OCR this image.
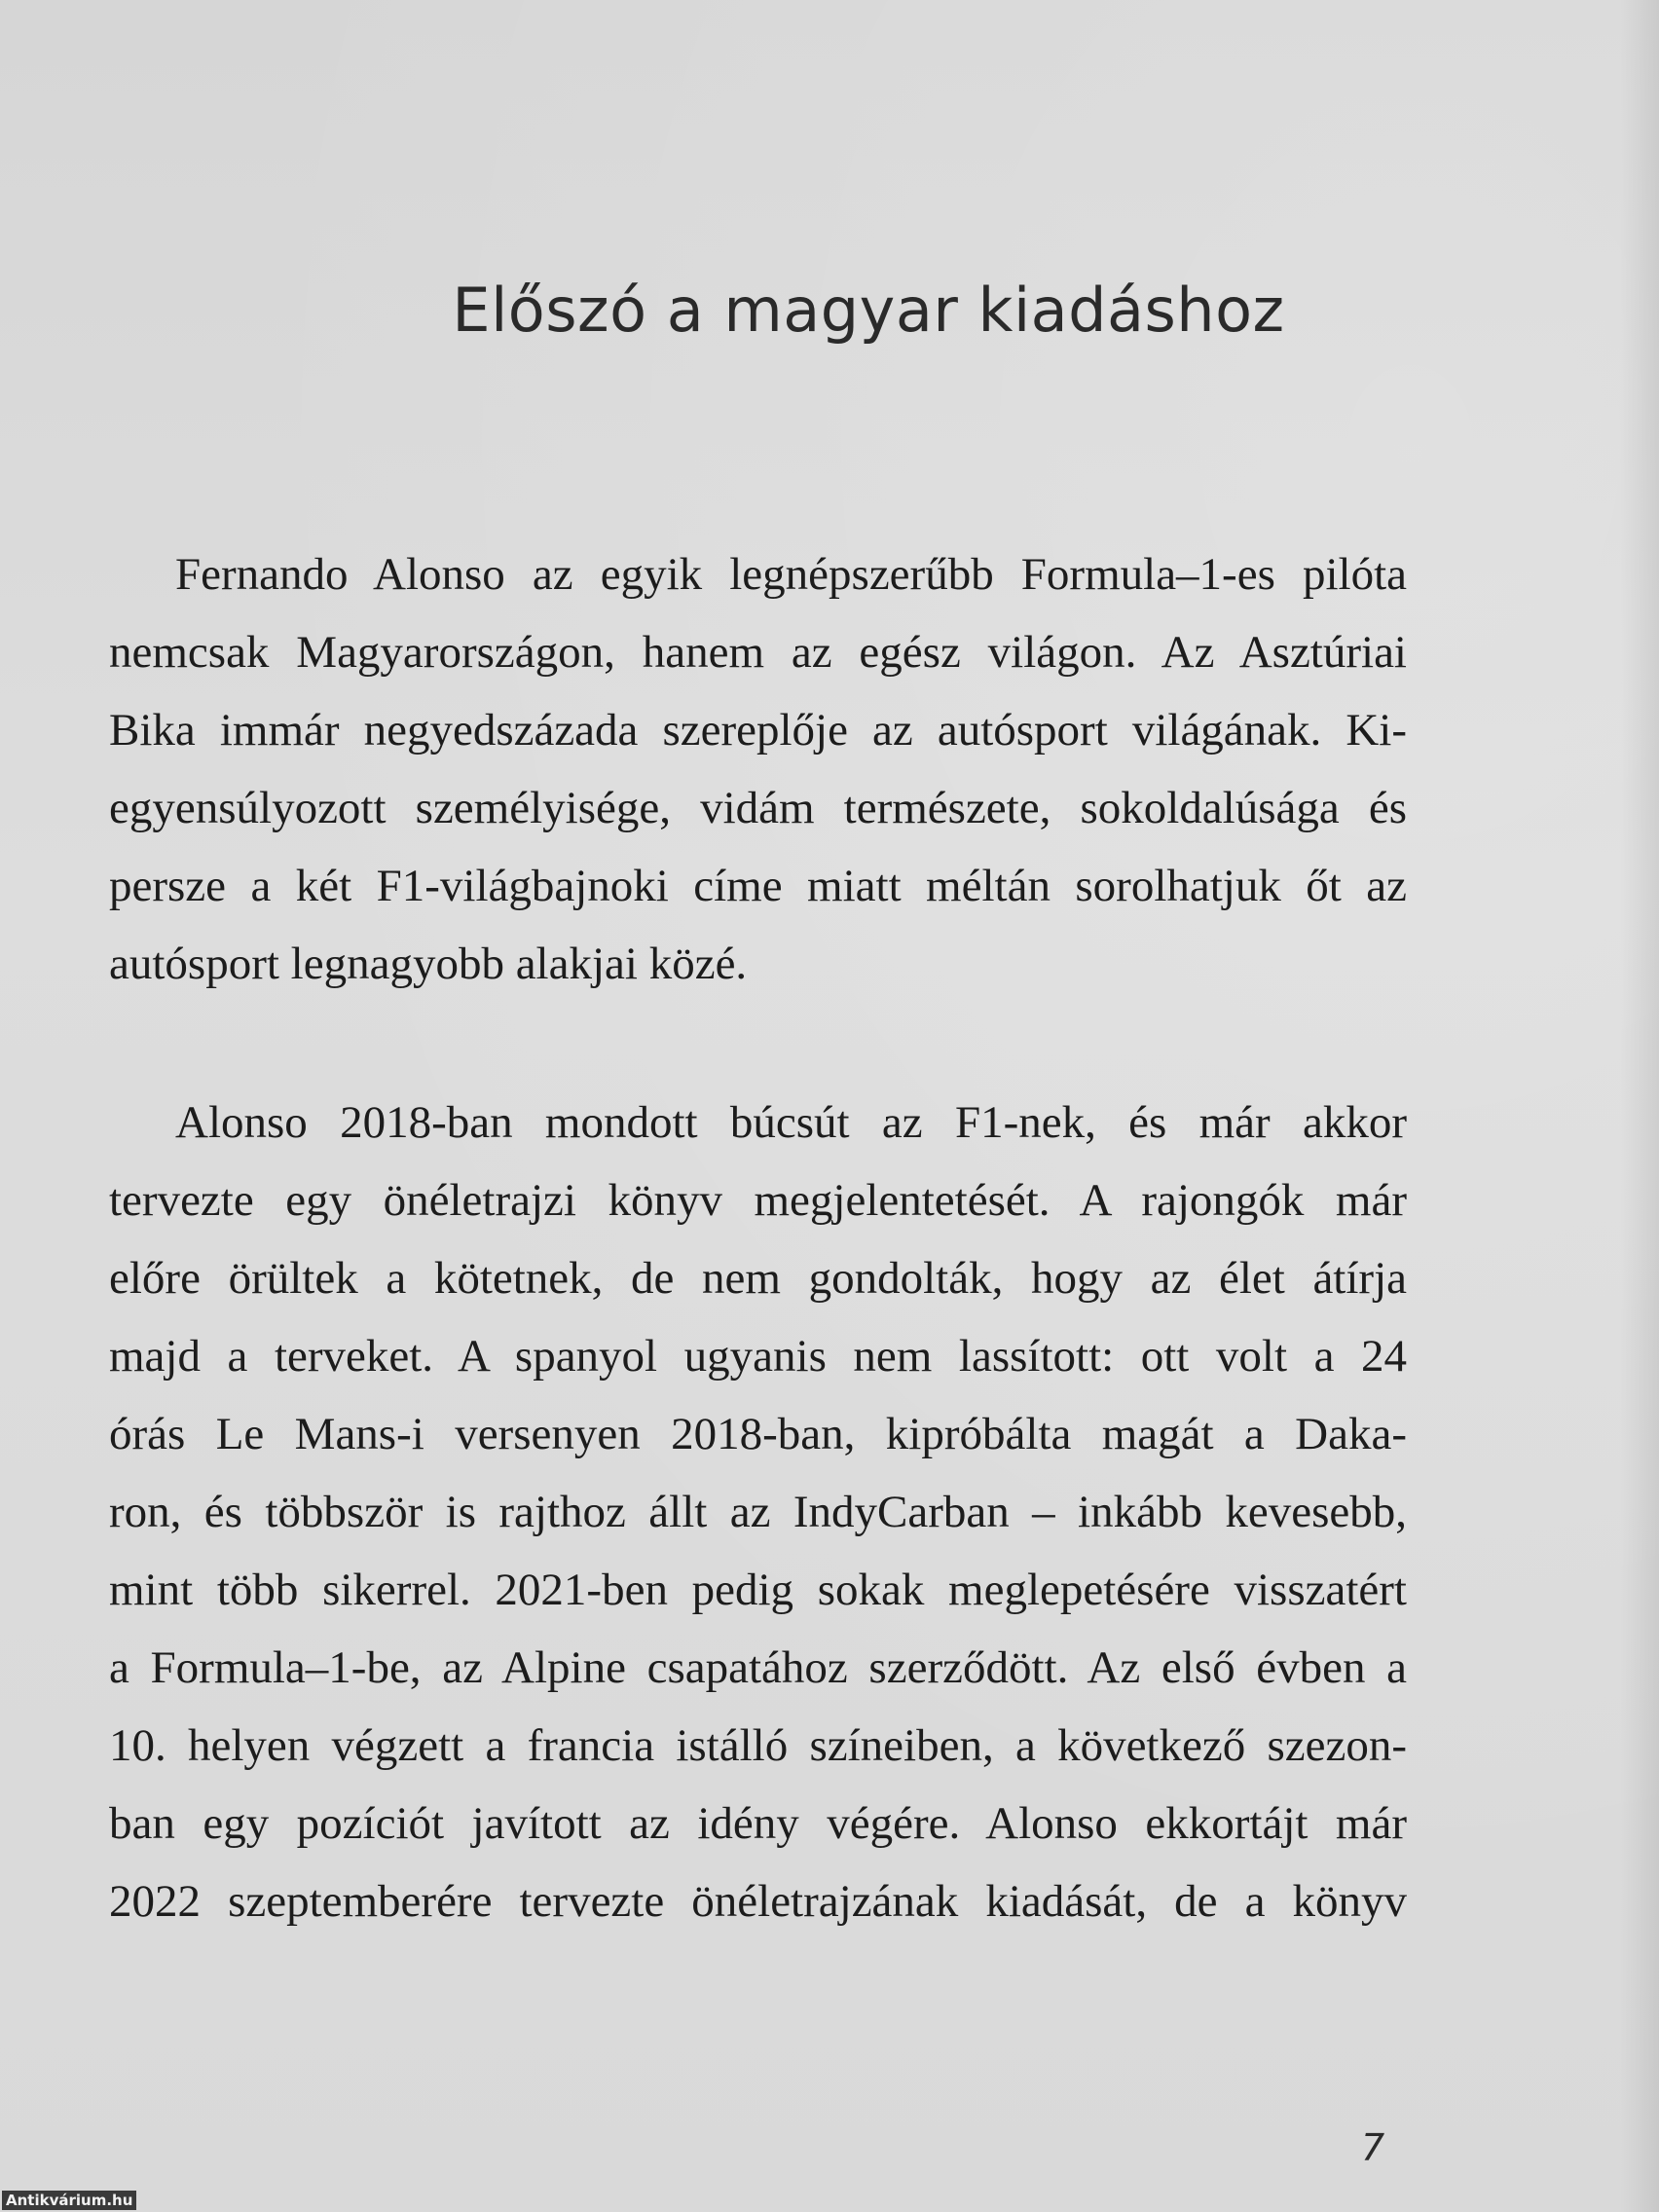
Előszó a magyar kiadáshoz
Fernando Alonso az egyik legnépszerűbb Formula–1-es pilóta
nemcsak Magyarországon, hanem az egész világon. Az Asztúriai
Bika immár negyedszázada szereplője az autósport világának. Ki-
egyensúlyozott személyisége, vidám természete, sokoldalúsága és
persze a két F1-világbajnoki címe miatt méltán sorolhatjuk őt az
autósport legnagyobb alakjai közé.
Alonso 2018-ban mondott búcsút az F1-nek, és már akkor
tervezte egy önéletrajzi könyv megjelentetését. A rajongók már
előre örültek a kötetnek, de nem gondolták, hogy az élet átírja
majd a terveket. A spanyol ugyanis nem lassított: ott volt a 24
órás Le Mans-i versenyen 2018-ban, kipróbálta magát a Daka-
ron, és többször is rajthoz állt az IndyCarban – inkább kevesebb,
mint több sikerrel. 2021-ben pedig sokak meglepetésére visszatért
a Formula–1-be, az Alpine csapatához szerződött. Az első évben a
10. helyen végzett a francia istálló színeiben, a következő szezon-
ban egy pozíciót javított az idény végére. Alonso ekkortájt már
2022 szeptemberére tervezte önéletrajzának kiadását, de a könyv
7
Antikvárium.hu
